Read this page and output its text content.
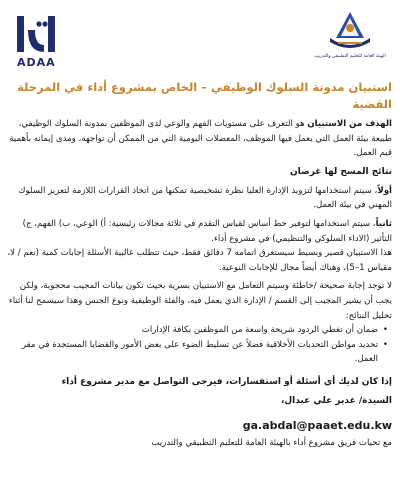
ADAA	الهيئة العامة للتعليم التطبيقي والتدريب
استبيان مدونة السلوك الوظيفي – الخاص بمشروع أداء في المرحلة القضية

الهدف من الاستبيان هو التعرف على مستويات الفهم والوعي لدى الموظفين بمدونة السلوك الوظيفي، طبيعة بيئة العمل التي يعمل فيها الموظف، المعضلات اليومية التي من الممكن أن تواجهه، ومدى إيمانه بأهمية قيم العمل.

نتائج المسح لها غرضان

أولاً، سيتم استخدامها لتزويد الإدارة العليا نظرة تشخيصية تمكنها من اتخاذ القرارات اللازمة لتعزيز السلوك المهني في بيئة العمل.

ثانياً، سيتم استخدامها لتوفير خط أساس لقياس التقدم في ثلاثة مجالات رئيسية: أ) الوعي، ب) الفهم، ج) التأثير (الاداء السلوكي والتنظيمي) في مشروع أداء.

هذا الاستبيان قصير وبسيط سيستغرق اتمامه 7 دقائق فقط، حيث تتطلب غالبية الأسئلة إجابات كمية (نعم / لا، مقياس 1–5)، وهناك أيضاً مجال للإجابات النوعية.

لا توجد إجابة صحيحة /خاطئة وسيتم التعامل مع الاستبيان بسرية بحيث تكون بيانات المجيب محجوبة، ولكن يجب أن يشير المجيب إلى القسم / الإدارة الذي يعمل فيه، والفئة الوظيفية ونوع الجنس وهذا سيسمح لنا أثناء تحليل النتائج:

• ضمان أن تغطي الردود شريحة واسعة من الموظفين بكافة الإدارات
• تحديد مواطن التحديات الأخلاقية فضلاً عن تسليط الضوء على بعض الأمور والقضايا المستجدة في مقر العمل.

إذا كان لديك أي أسئلة أو استفسارات، فيرجى التواصل مع مدير مشروع أداء

السيدة/ غدير علي عبدال،

ga.abdal@paaet.edu.kw

مع تحيات فريق مشروع أداء بالهيئة العامة للتعليم التطبيقي والتدريب
